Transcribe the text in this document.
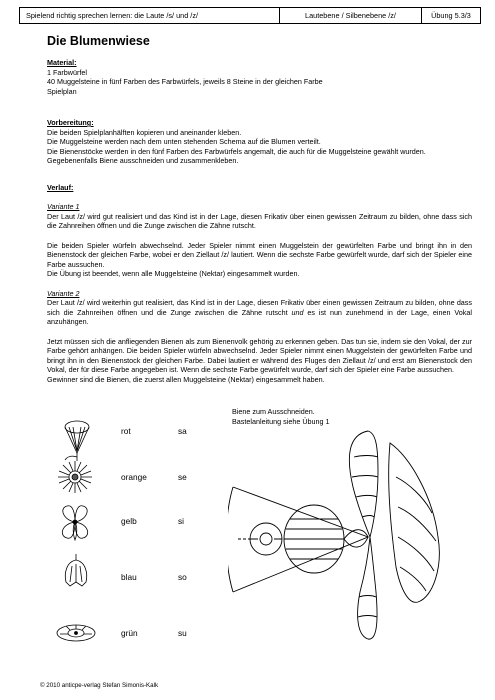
Spielend richtig sprechen lernen: die Laute /s/ und /z/	Lautebene / Silbenebene /z/	Übung 5.3/3
Die Blumenwiese
Material:
1 Farbwürfel
40 Muggelsteine in fünf Farben des Farbwürfels, jeweils 8 Steine in der gleichen Farbe
Spielplan
Vorbereitung:
Die beiden Spielplanhälften kopieren und aneinander kleben.
Die Muggelsteine werden nach dem unten stehenden Schema auf die Blumen verteilt.
Die Bienenstöcke werden in den fünf Farben des Farbwürfels angemalt, die auch für die Muggelsteine gewählt wurden. Gegebenenfalls Biene ausschneiden und zusammenkleben.
Verlauf:
Variante 1
Der Laut /z/ wird gut realisiert und das Kind ist in der Lage, diesen Frikativ über einen gewissen Zeitraum zu bilden, ohne dass sich die Zahnreihen öffnen und die Zunge zwischen die Zähne rutscht.
Die beiden Spieler würfeln abwechselnd. Jeder Spieler nimmt einen Muggelstein der gewürfelten Farbe und bringt ihn in den Bienenstock der gleichen Farbe, wobei er den Ziellaut /z/ lautiert. Wenn die sechste Farbe gewürfelt wurde, darf sich der Spieler eine Farbe aussuchen.
Die Übung ist beendet, wenn alle Muggelsteine (Nektar) eingesammelt wurden.
Variante 2
Der Laut /z/ wird weiterhin gut realisiert, das Kind ist in der Lage, diesen Frikativ über einen gewissen Zeitraum zu bilden, ohne dass sich die Zahnreihen öffnen und die Zunge zwischen die Zähne rutscht und es ist nun zunehmend in der Lage, einen Vokal anzuhängen.
Jetzt müssen sich die anfliegenden Bienen als zum Bienenvolk gehörig zu erkennen geben. Das tun sie, indem sie den Vokal, der zur Farbe gehört anhängen. Die beiden Spieler würfeln abwechselnd. Jeder Spieler nimmt einen Muggelstein der gewürfelten Farbe und bringt ihn in den Bienenstock der gleichen Farbe. Dabei lautiert er während des Fluges den Ziellaut /z/ und erst am Bienenstock den Vokal, der für diese Farbe angegeben ist. Wenn die sechste Farbe gewürfelt wurde, darf sich der Spieler eine Farbe aussuchen.
Gewinner sind die Bienen, die zuerst allen Muggelsteine (Nektar) eingesammelt haben.
rot	sa
orange	se
gelb	si
blau	so
grün	su
Biene zum Ausschneiden.
Bastelanleitung siehe Übung 1
© 2010 anticpe-verlag Stefan Simonis-Kalk
